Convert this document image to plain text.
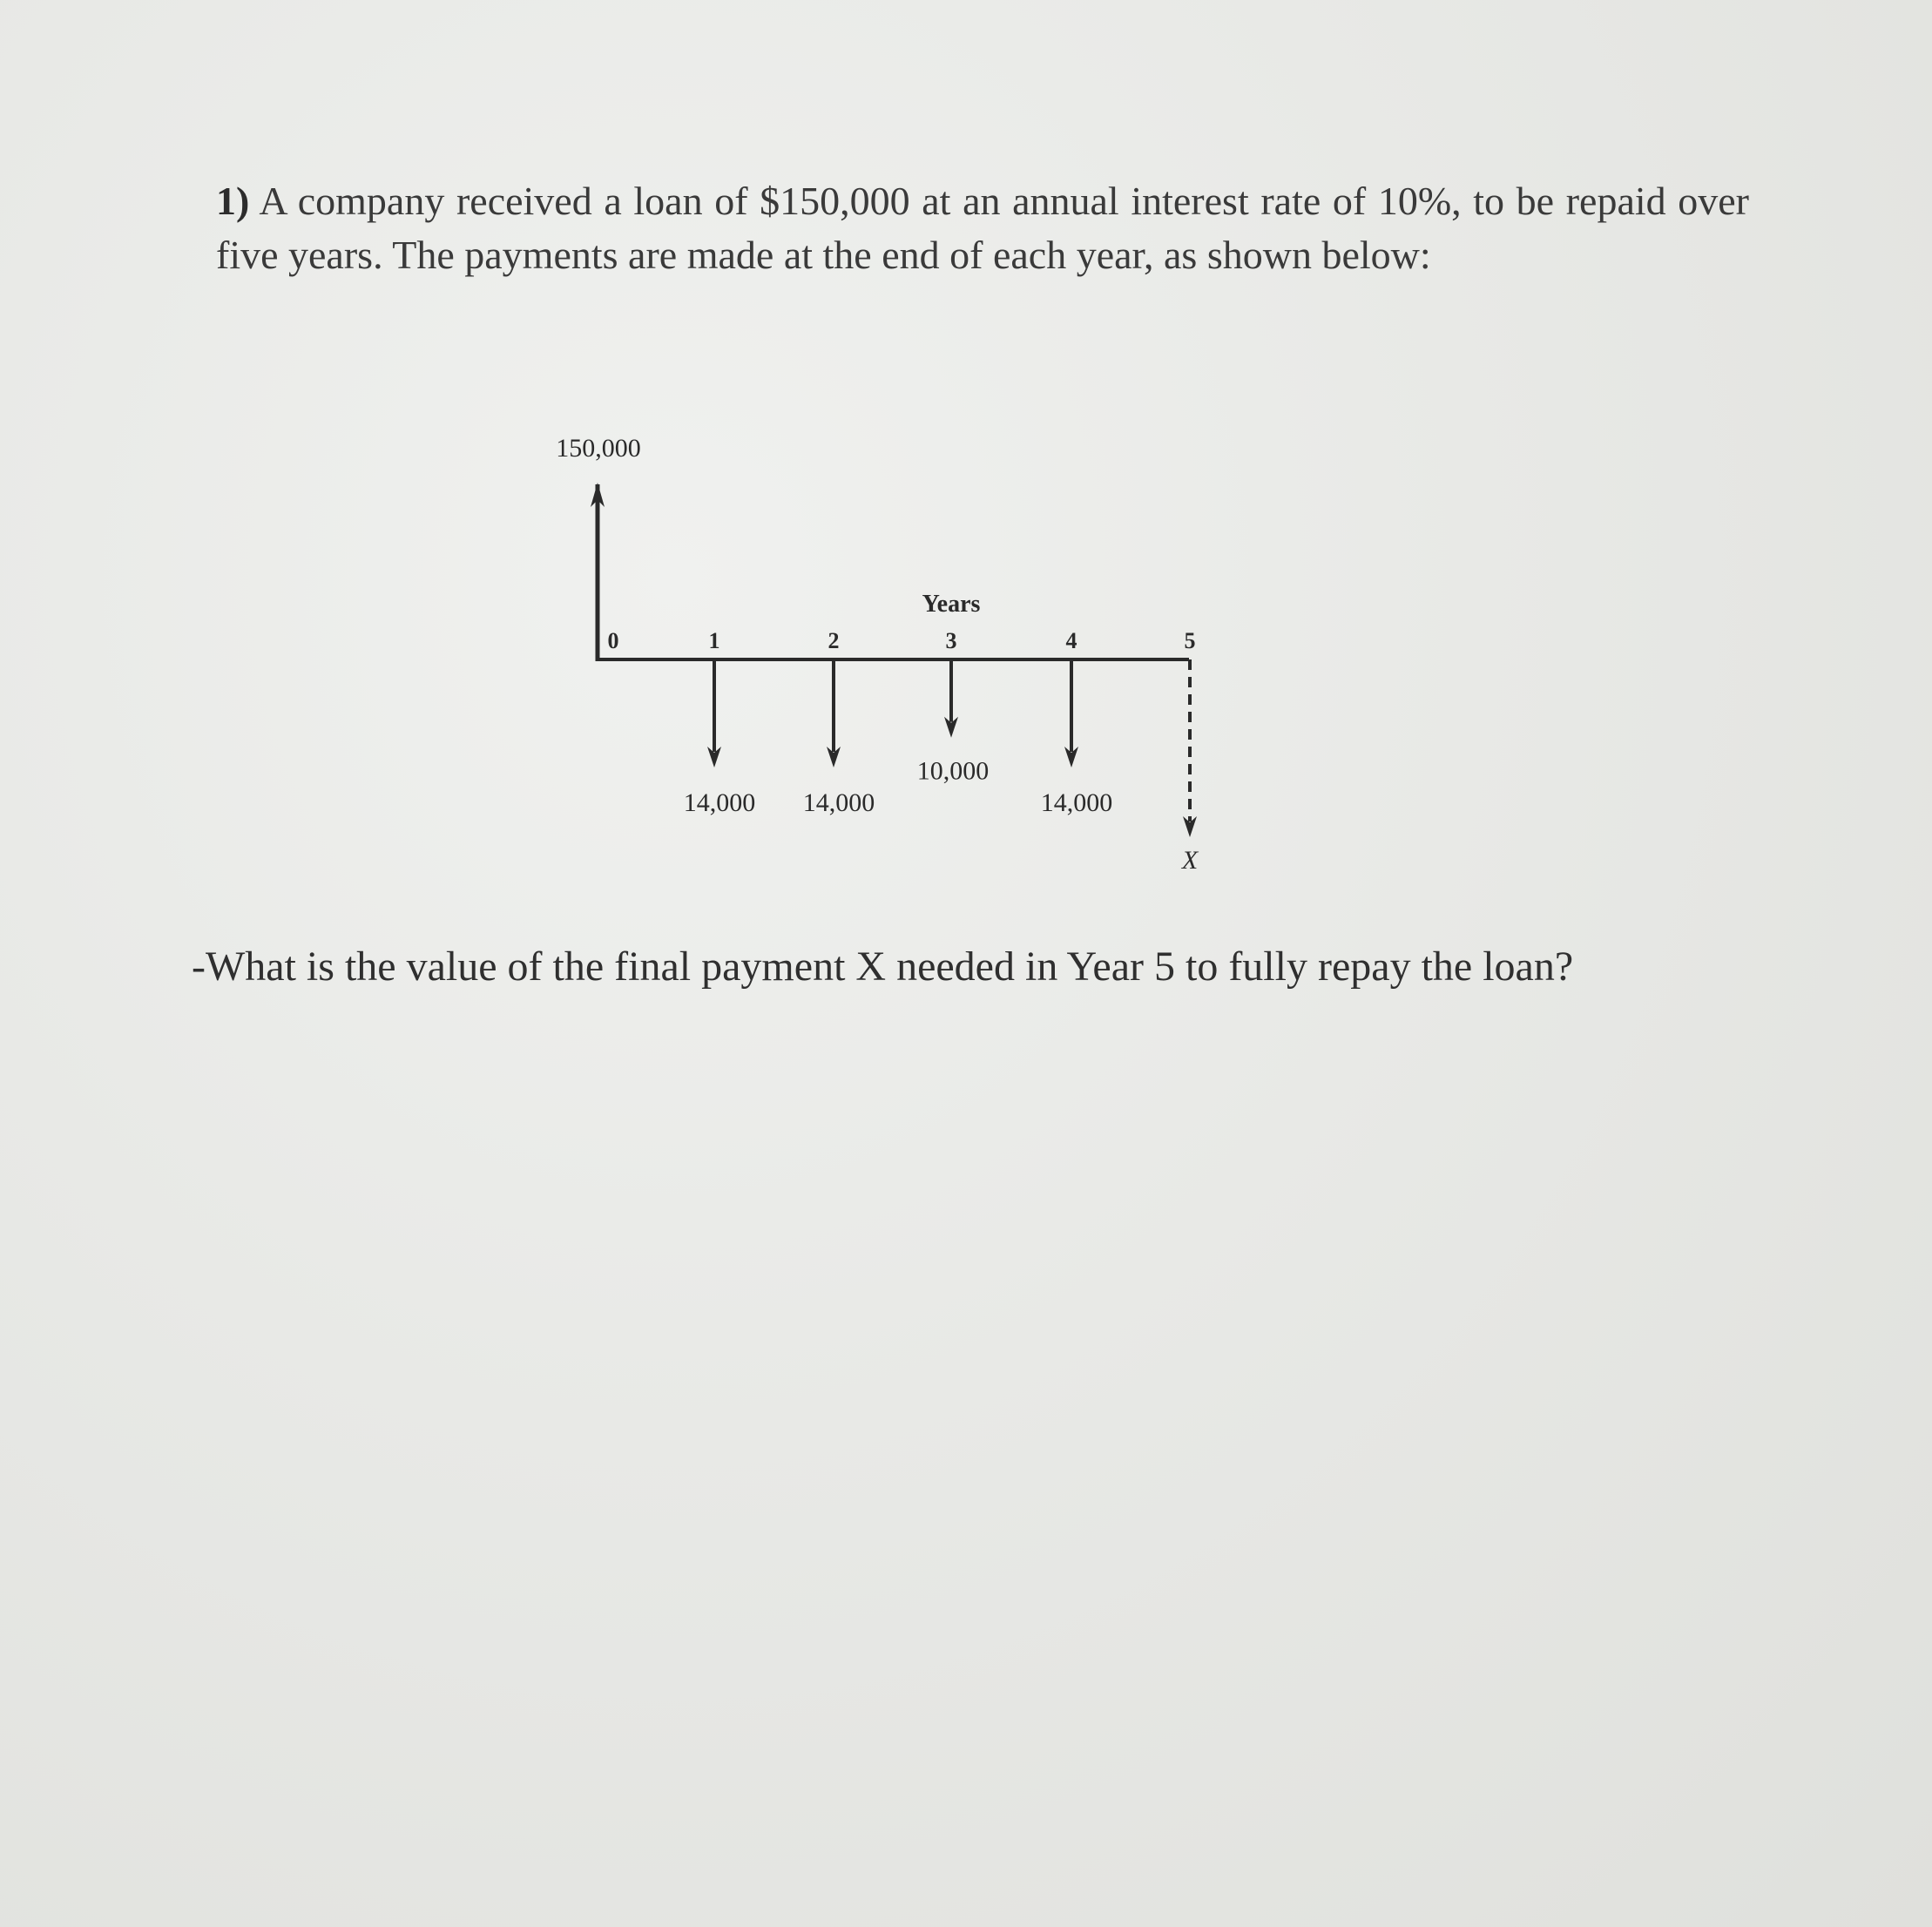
1) A company received a loan of $150,000 at an annual interest rate of 10%, to be repaid over five years. The payments are made at the end of each year, as shown below:

Years
150,000
0	1	2	3	4	5
14,000 14,000
10,000
14,000
X

-What is the value of the final payment X needed in Year 5 to fully repay the loan?
